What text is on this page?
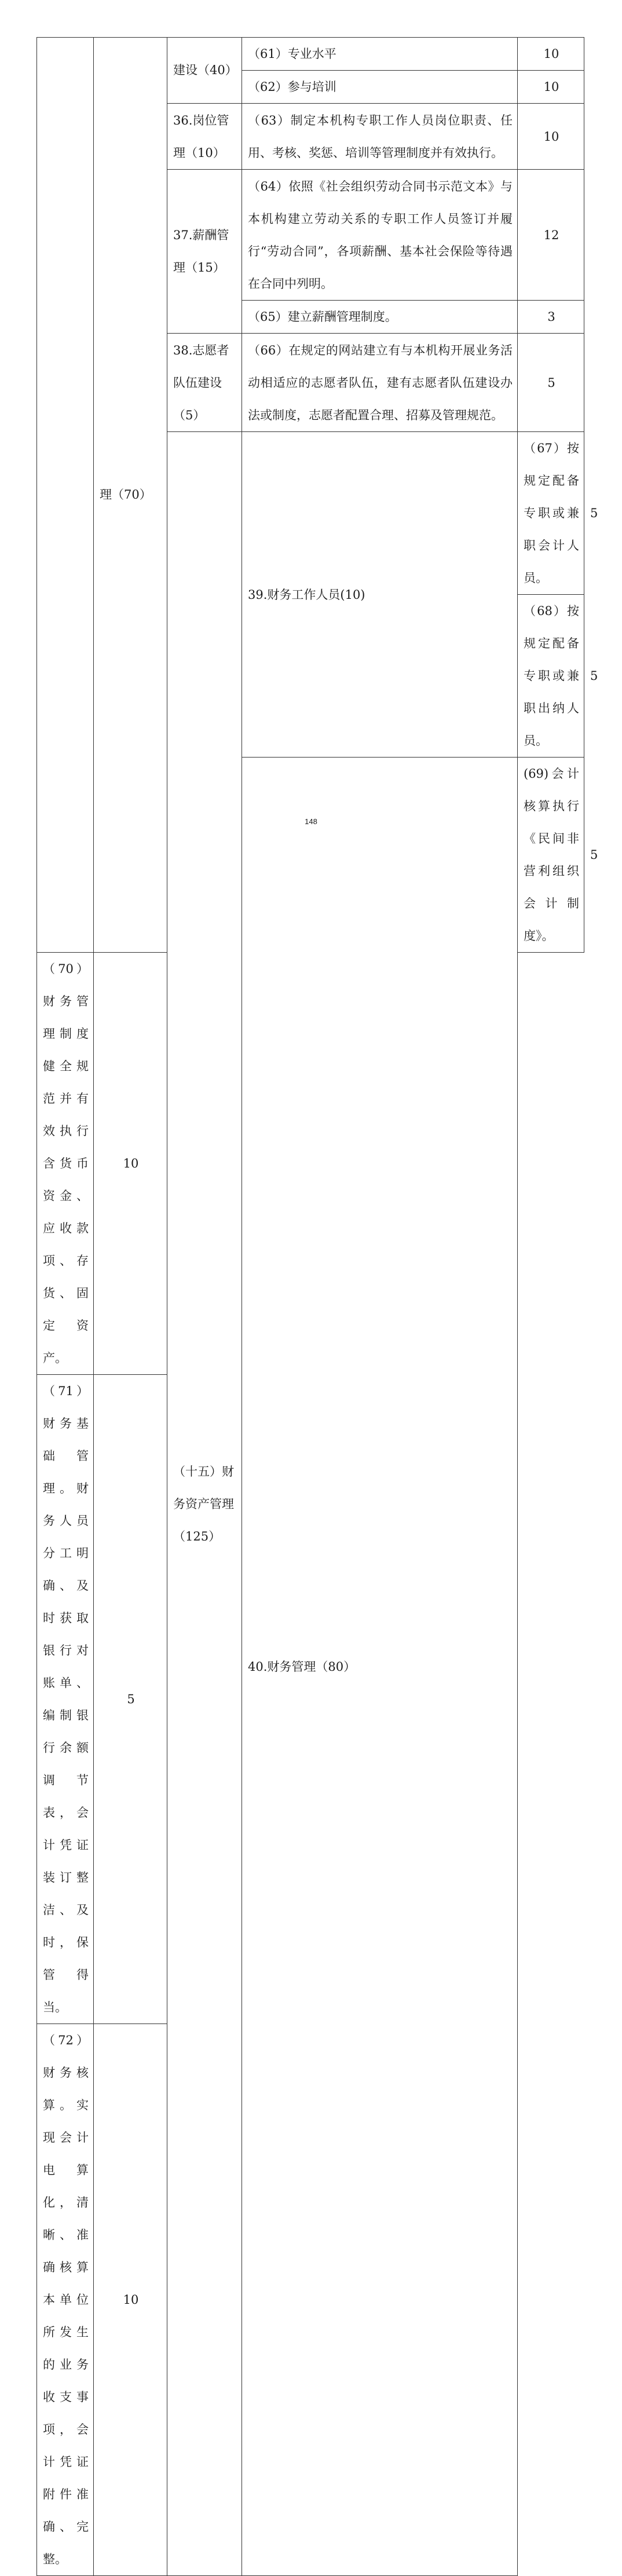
	理（70）	建设（40）	（61）专业水平	10	

			（62）参与培训	10	

		36.岗位管理（10）	（63）制定本机构专职工作人员岗位职责、任用、考核、奖惩、培训等管理制度并有效执行。	10	

		37.薪酬管理（15）	（64）依照《社会组织劳动合同书示范文本》与本机构建立劳动关系的专职工作人员签订并履行“劳动合同”，各项薪酬、基本社会保险等待遇在合同中列明。	12	

			（65）建立薪酬管理制度。	3	

		38.志愿者队伍建设（5）	（66）在规定的网站建立有与本机构开展业务活动相适应的志愿者队伍，建有志愿者队伍建设办法或制度，志愿者配置合理、招募及管理规范。	5	

		（十五）财务资产管理（125）	39.财务工作人员(10)	（67）按规定配备专职或兼职会计人员。	5

				（68）按规定配备专职或兼职出纳人员。	5

			40.财务管理（80）	(69)会计核算执行《民间非营利组织会计制度》。	5

（70）财务管理制度健全规范并有效执行含货币资金、应收款项、存货、固定资产。	10				

（71）财务基础管理。财务人员分工明确、及时获取银行对账单、编制银行余额调节表，会计凭证装订整洁、及时，保管得当。	5				

（72）财务核算。实现会计电算化，清晰、准确核算本单位所发生的业务收支事项，会计凭证附件准确、完整。	10				
148
